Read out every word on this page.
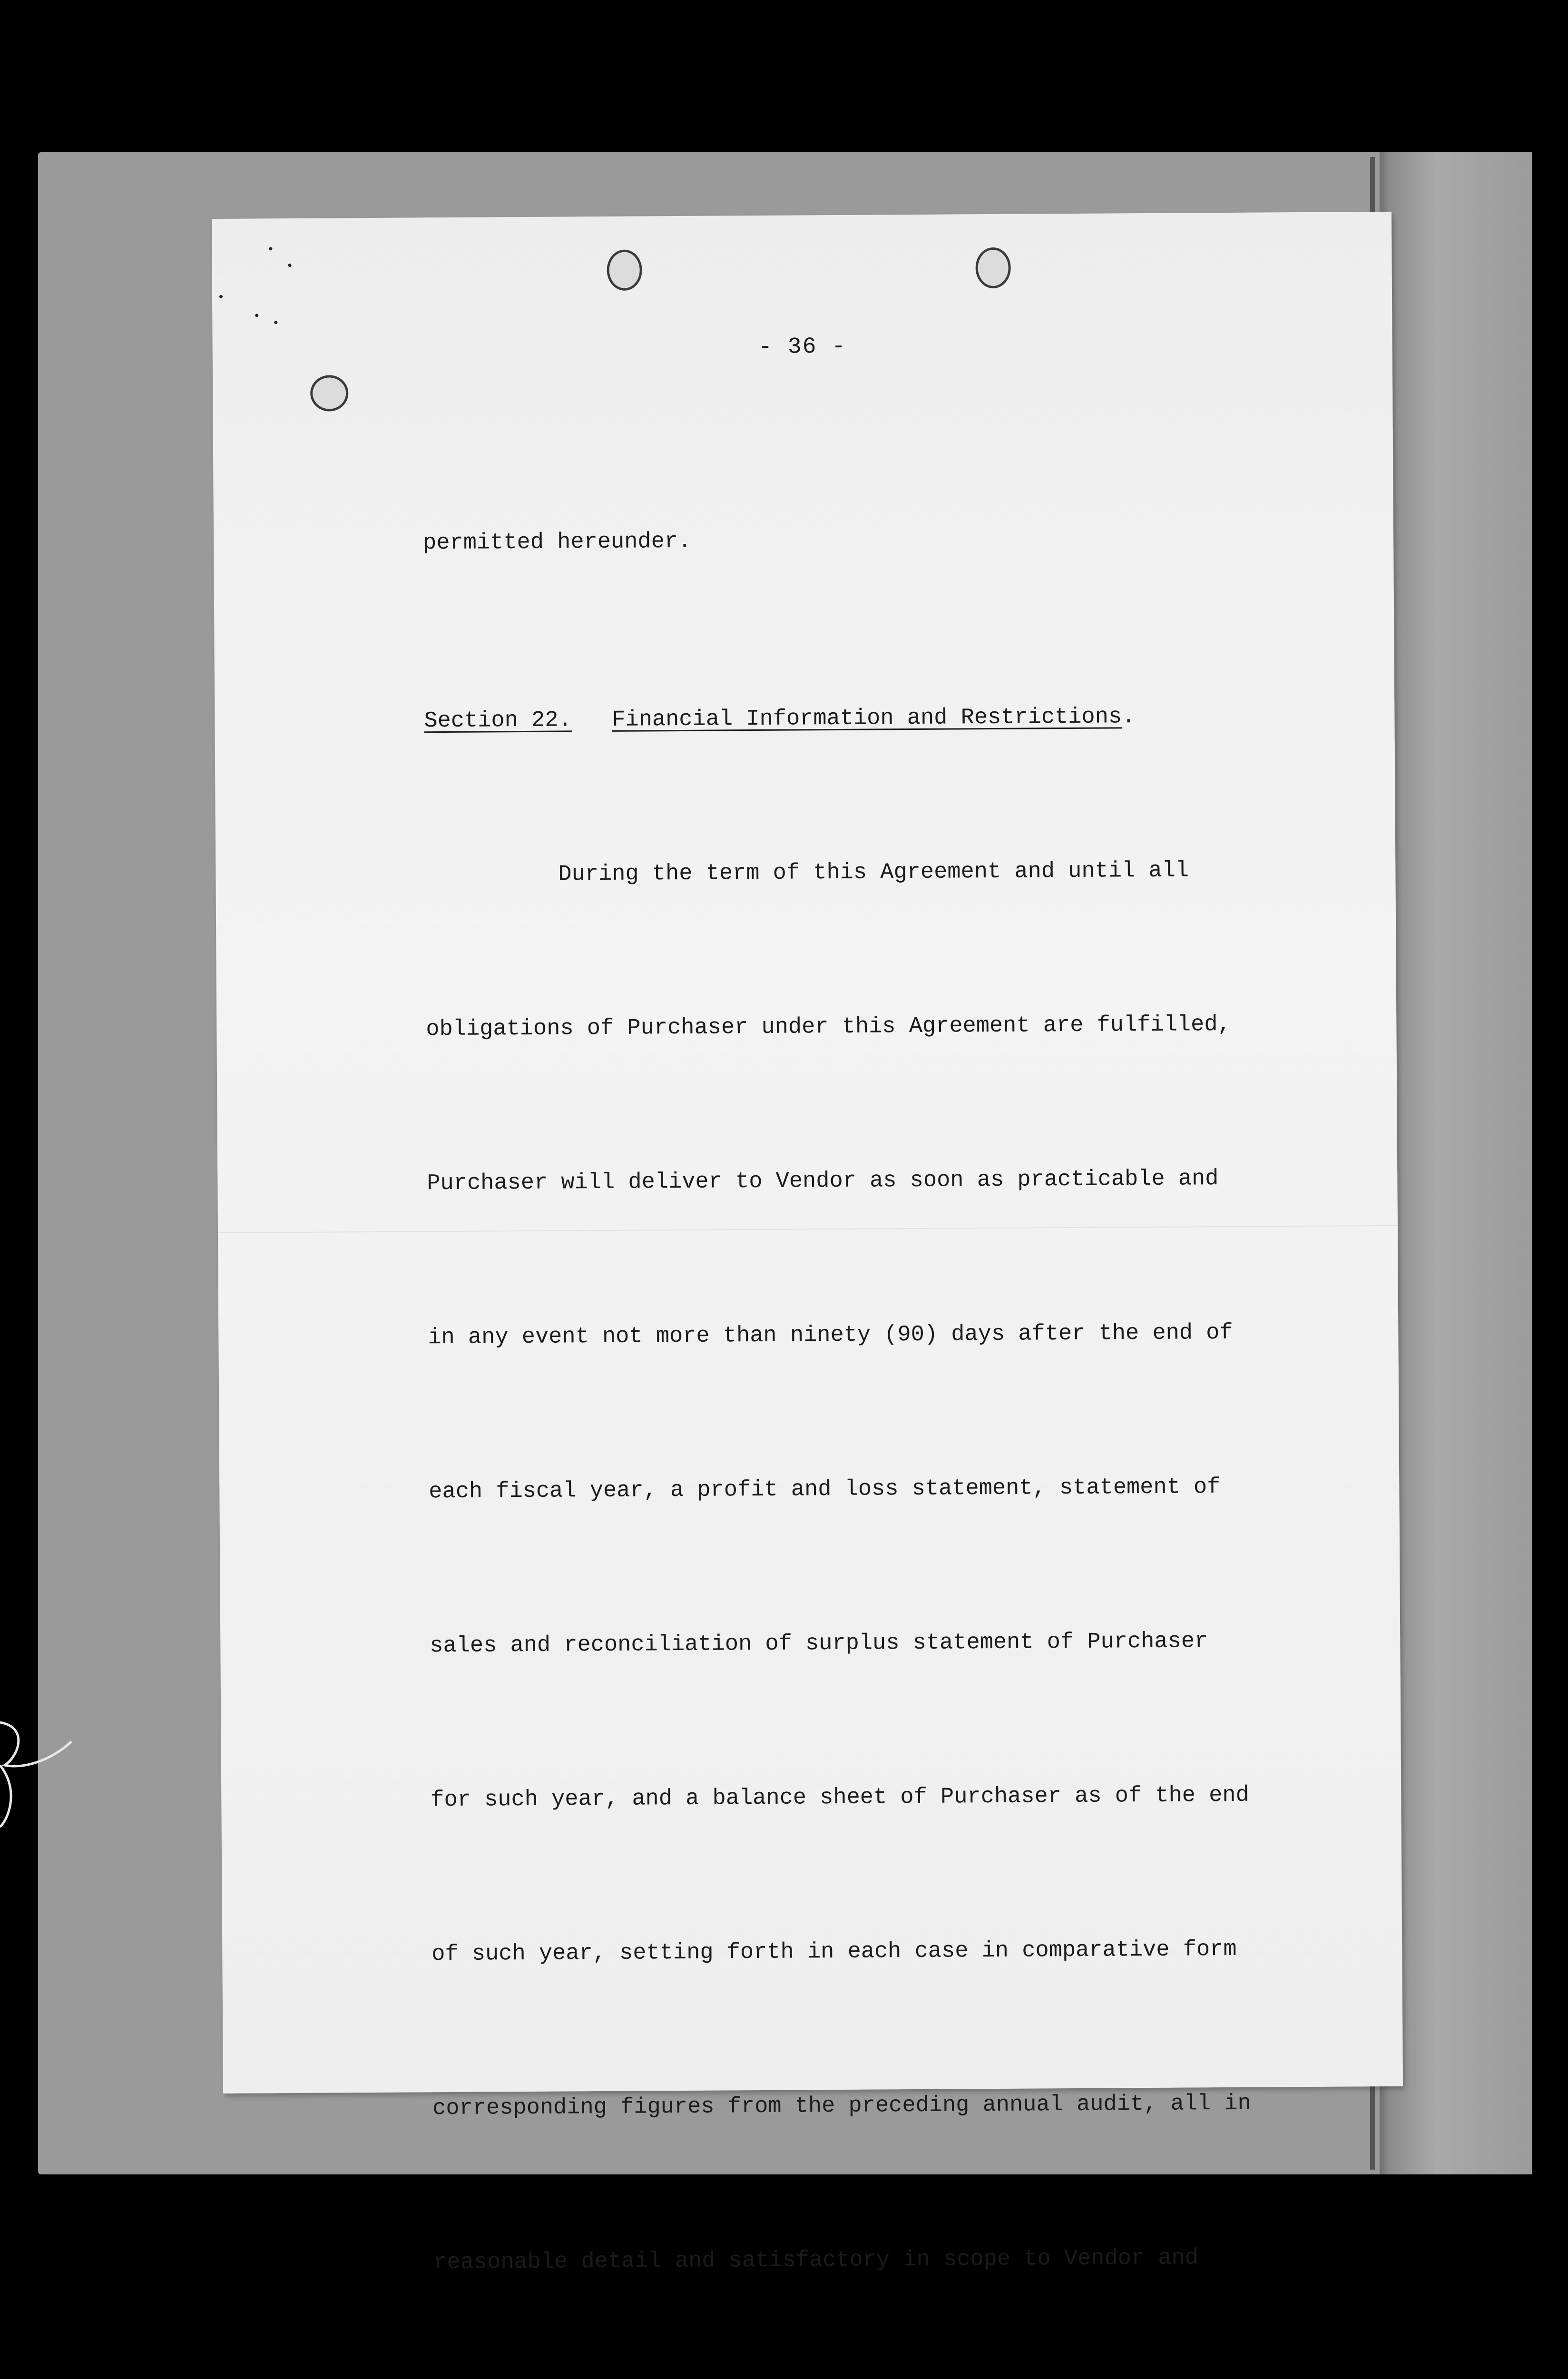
- 36 -

permitted hereunder.

Section 22. Financial Information and Restrictions.

During the term of this Agreement and until all

obligations of Purchaser under this Agreement are fulfilled,

Purchaser will deliver to Vendor as soon as practicable and

in any event not more than ninety (90) days after the end of

each fiscal year, a profit and loss statement, statement of

sales and reconciliation of surplus statement of Purchaser

for such year, and a balance sheet of Purchaser as of the end

of such year, setting forth in each case in comparative form

corresponding figures from the preceding annual audit, all in

reasonable detail and satisfactory in scope to Vendor and
